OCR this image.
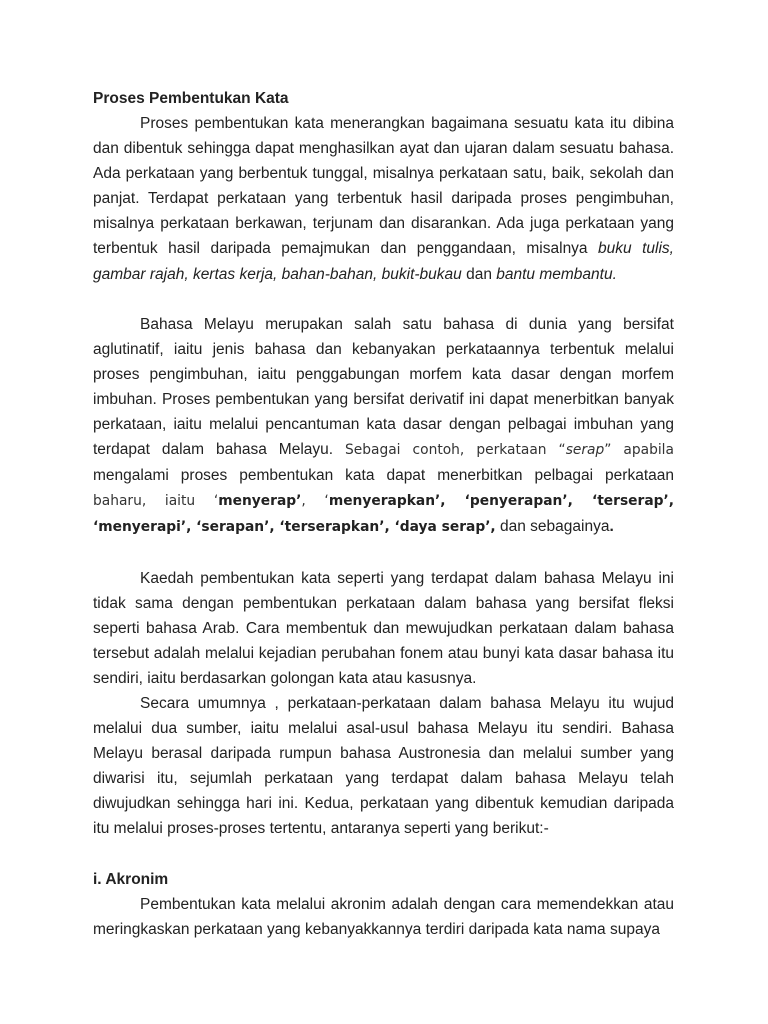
Proses Pembentukan Kata

Proses pembentukan kata menerangkan bagaimana sesuatu kata itu dibina dan dibentuk sehingga dapat menghasilkan ayat dan ujaran dalam sesuatu bahasa. Ada perkataan yang berbentuk tunggal, misalnya perkataan satu, baik, sekolah dan panjat. Terdapat perkataan yang terbentuk hasil daripada proses pengimbuhan, misalnya perkataan berkawan, terjunam dan disarankan. Ada juga perkataan yang terbentuk hasil daripada pemajmukan dan penggandaan, misalnya buku tulis, gambar rajah, kertas kerja, bahan-bahan, bukit-bukau dan bantu membantu.

Bahasa Melayu merupakan salah satu bahasa di dunia yang bersifat aglutinatif, iaitu jenis bahasa dan kebanyakan perkataannya terbentuk melalui proses pengimbuhan, iaitu penggabungan morfem kata dasar dengan morfem imbuhan. Proses pembentukan yang bersifat derivatif ini dapat menerbitkan banyak perkataan, iaitu melalui pencantuman kata dasar dengan pelbagai imbuhan yang terdapat dalam bahasa Melayu. Sebagai contoh, perkataan “serap” apabila mengalami proses pembentukan kata dapat menerbitkan pelbagai perkataan baharu, iaitu ‘menyerap’, ‘menyerapkan’, ‘penyerapan’, ‘terserap’, ‘menyerapi’, ‘serapan’, ‘terserapkan’, ‘daya serap’, dan sebagainya.

Kaedah pembentukan kata seperti yang terdapat dalam bahasa Melayu ini tidak sama dengan pembentukan perkataan dalam bahasa yang bersifat fleksi seperti bahasa Arab. Cara membentuk dan mewujudkan perkataan dalam bahasa tersebut adalah melalui kejadian perubahan fonem atau bunyi kata dasar bahasa itu sendiri, iaitu berdasarkan golongan kata atau kasusnya.

Secara umumnya , perkataan-perkataan dalam bahasa Melayu itu wujud melalui dua sumber, iaitu melalui asal-usul bahasa Melayu itu sendiri. Bahasa Melayu berasal daripada rumpun bahasa Austronesia dan melalui sumber yang diwarisi itu, sejumlah perkataan yang terdapat dalam bahasa Melayu telah diwujudkan sehingga hari ini. Kedua, perkataan yang dibentuk kemudian daripada itu melalui proses-proses tertentu, antaranya seperti yang berikut:-

i. Akronim

Pembentukan kata melalui akronim adalah dengan cara memendekkan atau meringkaskan perkataan yang kebanyakkannya terdiri daripada kata nama supaya
